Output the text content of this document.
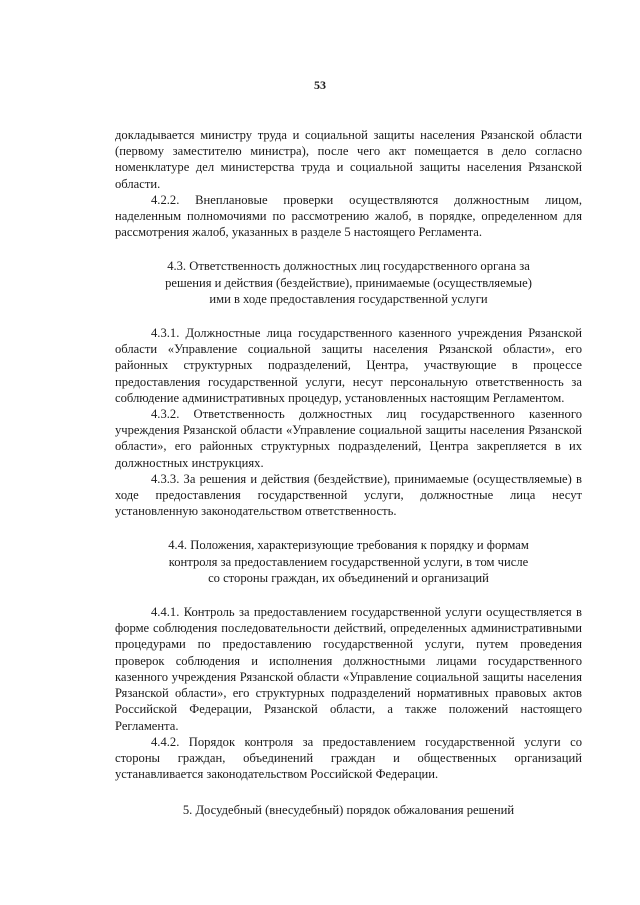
53

докладывается министру труда и социальной защиты населения Рязанской области (первому заместителю министра), после чего акт помещается в дело согласно номенклатуре дел министерства труда и социальной защиты населения Рязанской области.

4.2.2. Внеплановые проверки осуществляются должностным лицом, наделенным полномочиями по рассмотрению жалоб, в порядке, определенном для рассмотрения жалоб, указанных в разделе 5 настоящего Регламента.

4.3. Ответственность должностных лиц государственного органа за
решения и действия (бездействие), принимаемые (осуществляемые)
ими в ходе предоставления государственной услуги

4.3.1. Должностные лица государственного казенного учреждения Рязанской области «Управление социальной защиты населения Рязанской области», его районных структурных подразделений, Центра, участвующие в процессе предоставления государственной услуги, несут персональную ответственность за соблюдение административных процедур, установленных настоящим Регламентом.

4.3.2. Ответственность должностных лиц государственного казенного учреждения Рязанской области «Управление социальной защиты населения Рязанской области», его районных структурных подразделений, Центра закрепляется в их должностных инструкциях.

4.3.3. За решения и действия (бездействие), принимаемые (осуществляемые) в ходе предоставления государственной услуги, должностные лица несут установленную законодательством ответственность.

4.4. Положения, характеризующие требования к порядку и формам
контроля за предоставлением государственной услуги, в том числе
со стороны граждан, их объединений и организаций

4.4.1. Контроль за предоставлением государственной услуги осуществляется в форме соблюдения последовательности действий, определенных административными процедурами по предоставлению государственной услуги, путем проведения проверок соблюдения и исполнения должностными лицами государственного казенного учреждения Рязанской области «Управление социальной защиты населения Рязанской области», его структурных подразделений нормативных правовых актов Российской Федерации, Рязанской области, а также положений настоящего Регламента.

4.4.2. Порядок контроля за предоставлением государственной услуги со стороны граждан, объединений граждан и общественных организаций устанавливается законодательством Российской Федерации.

5. Досудебный (внесудебный) порядок обжалования решений
